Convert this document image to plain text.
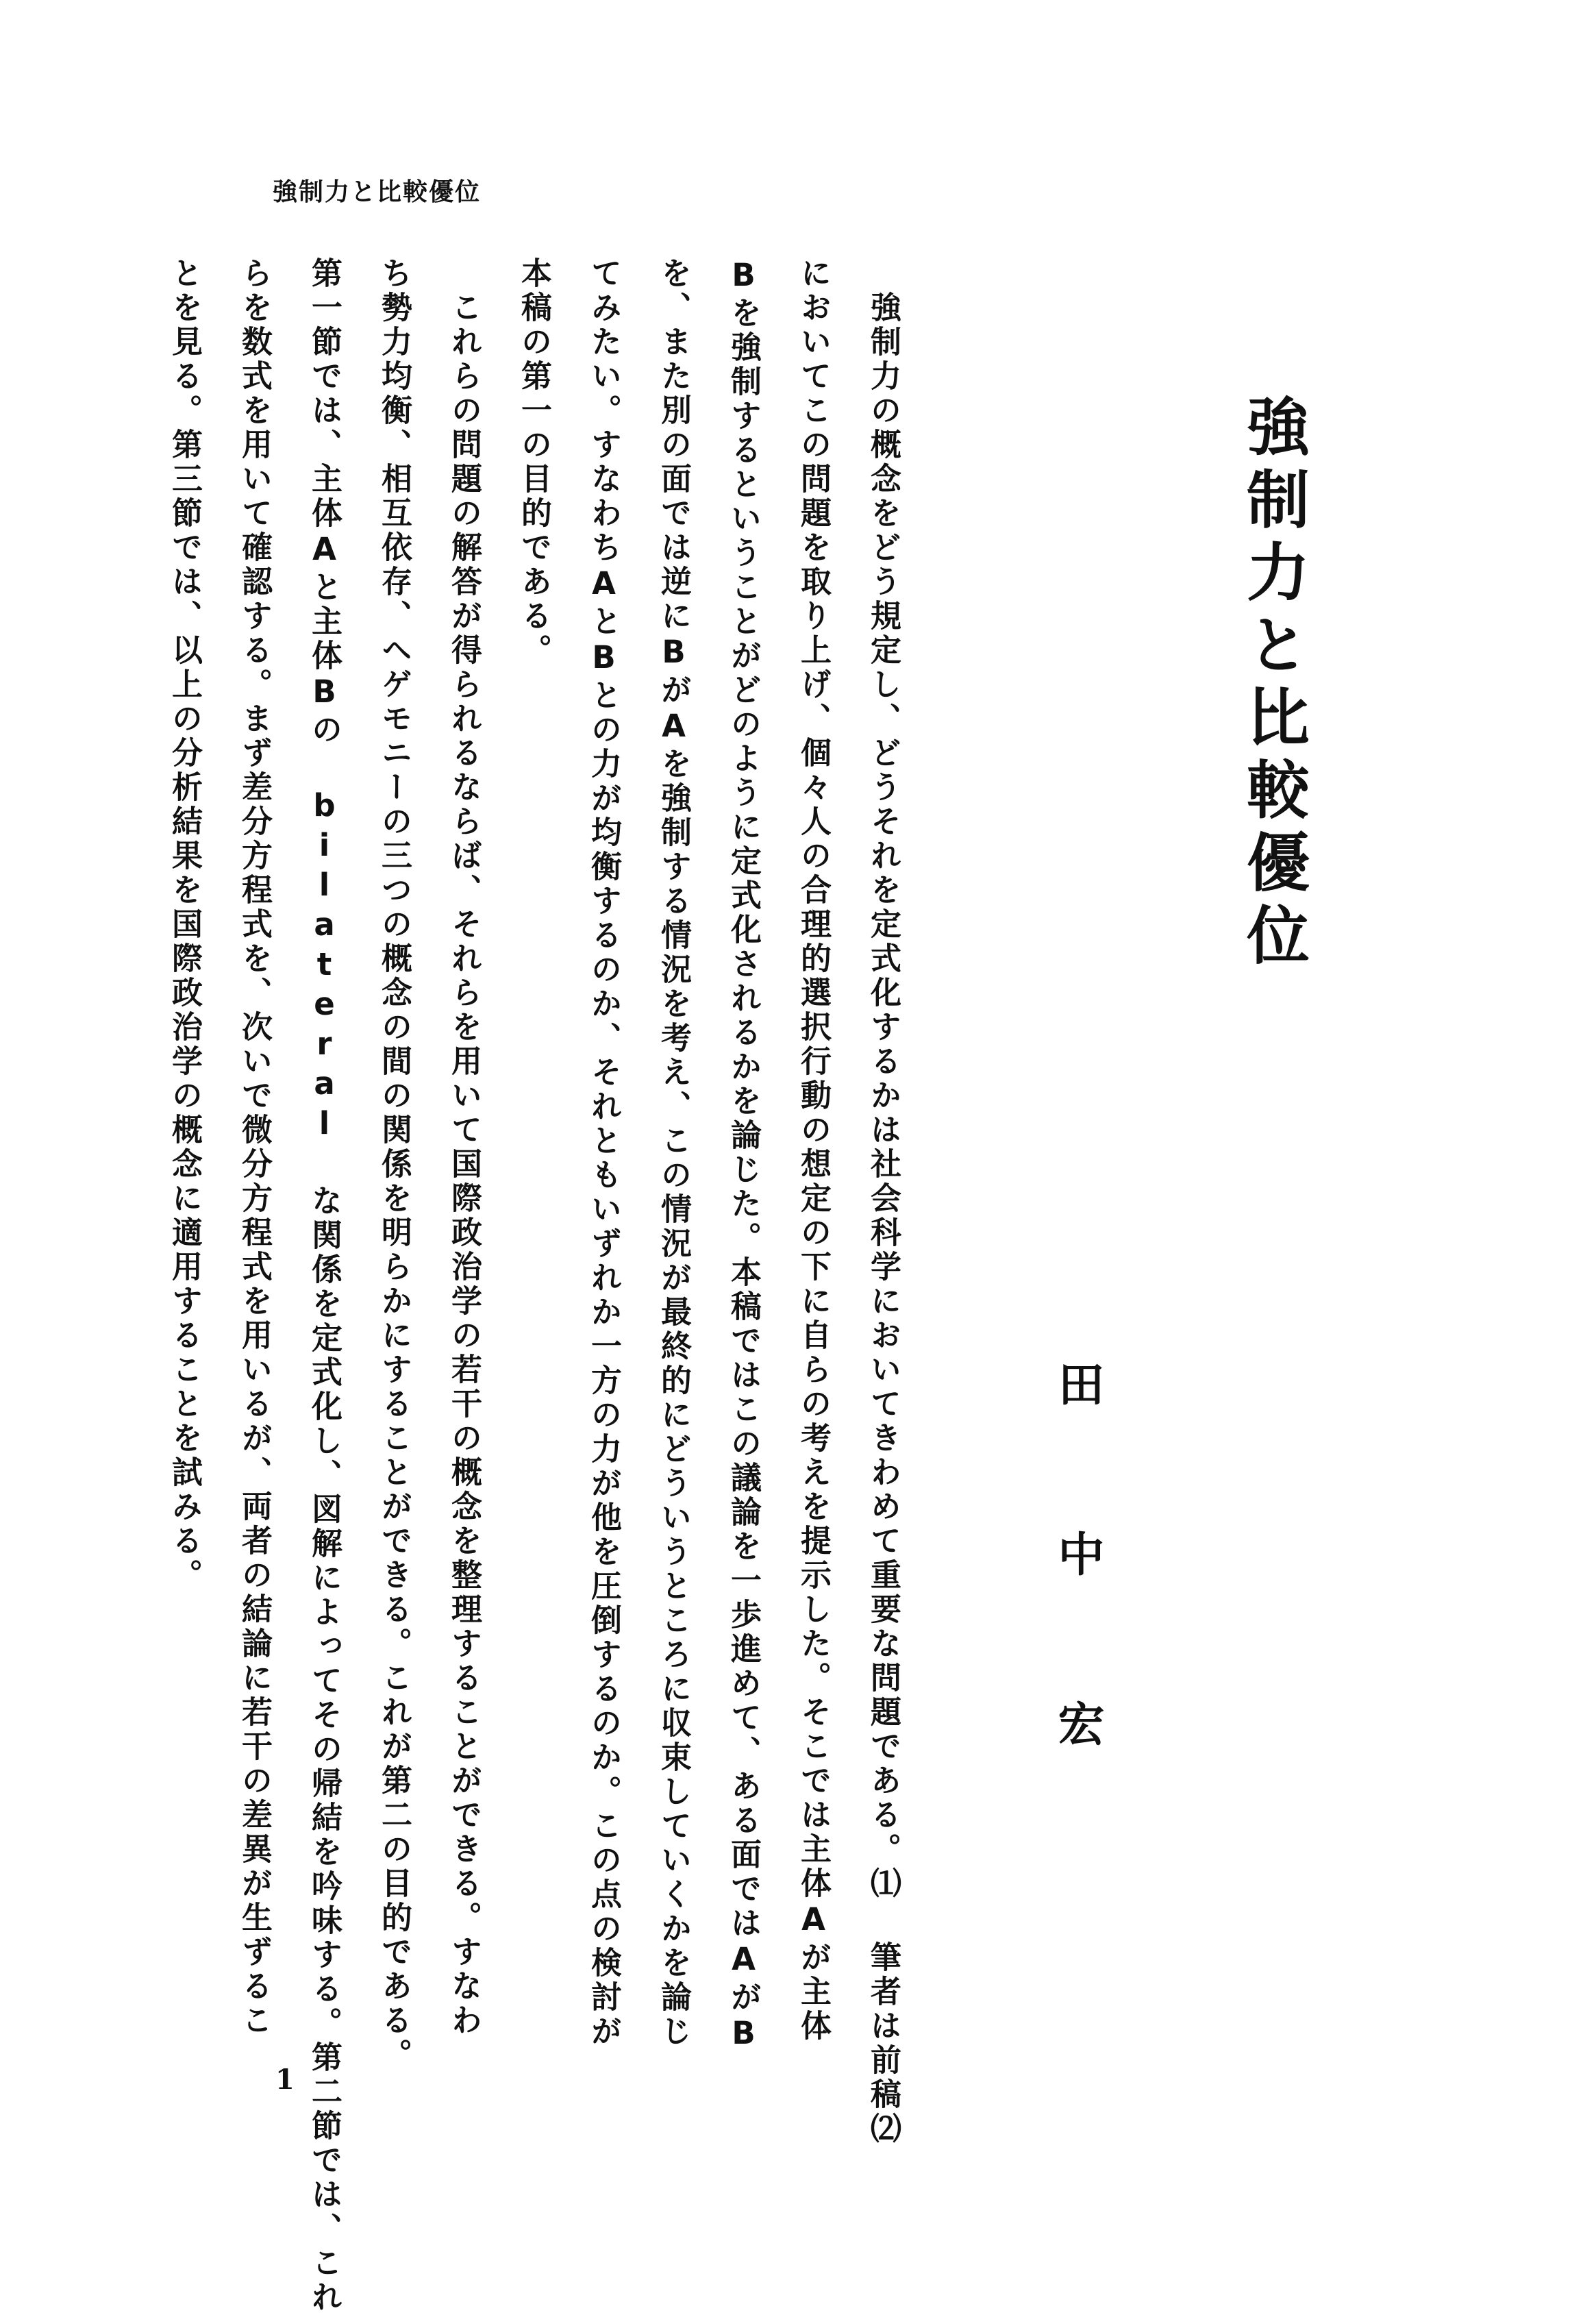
強制力と比較優位
強制力と比較優位
田中宏
　強制力の概念をどう規定し、どうそれを定式化するかは社会科学においてきわめて重要な問題である。⑴ 筆者は前稿⑵
においてこの問題を取り上げ、個々人の合理的選択行動の想定の下に自らの考えを提示した。そこでは主体Aが主体
Bを強制するということがどのように定式化されるかを論じた。本稿ではこの議論を一歩進めて、ある面ではAがB
を、また別の面では逆にBがAを強制する情況を考え、この情況が最終的にどういうところに収束していくかを論じ
てみたい。すなわちAとBとの力が均衡するのか、それともいずれか一方の力が他を圧倒するのか。この点の検討が
本稿の第一の目的である。
　これらの問題の解答が得られるならば、それらを用いて国際政治学の若干の概念を整理することができる。すなわ
ち勢力均衡、相互依存、ヘゲモニーの三つの概念の間の関係を明らかにすることができる。これが第二の目的である。
第一節では、主体Aと主体Bの bilateral な関係を定式化し、図解によってその帰結を吟味する。第二節では、これ
らを数式を用いて確認する。まず差分方程式を、次いで微分方程式を用いるが、両者の結論に若干の差異が生ずるこ
とを見る。第三節では、以上の分析結果を国際政治学の概念に適用することを試みる。
1
